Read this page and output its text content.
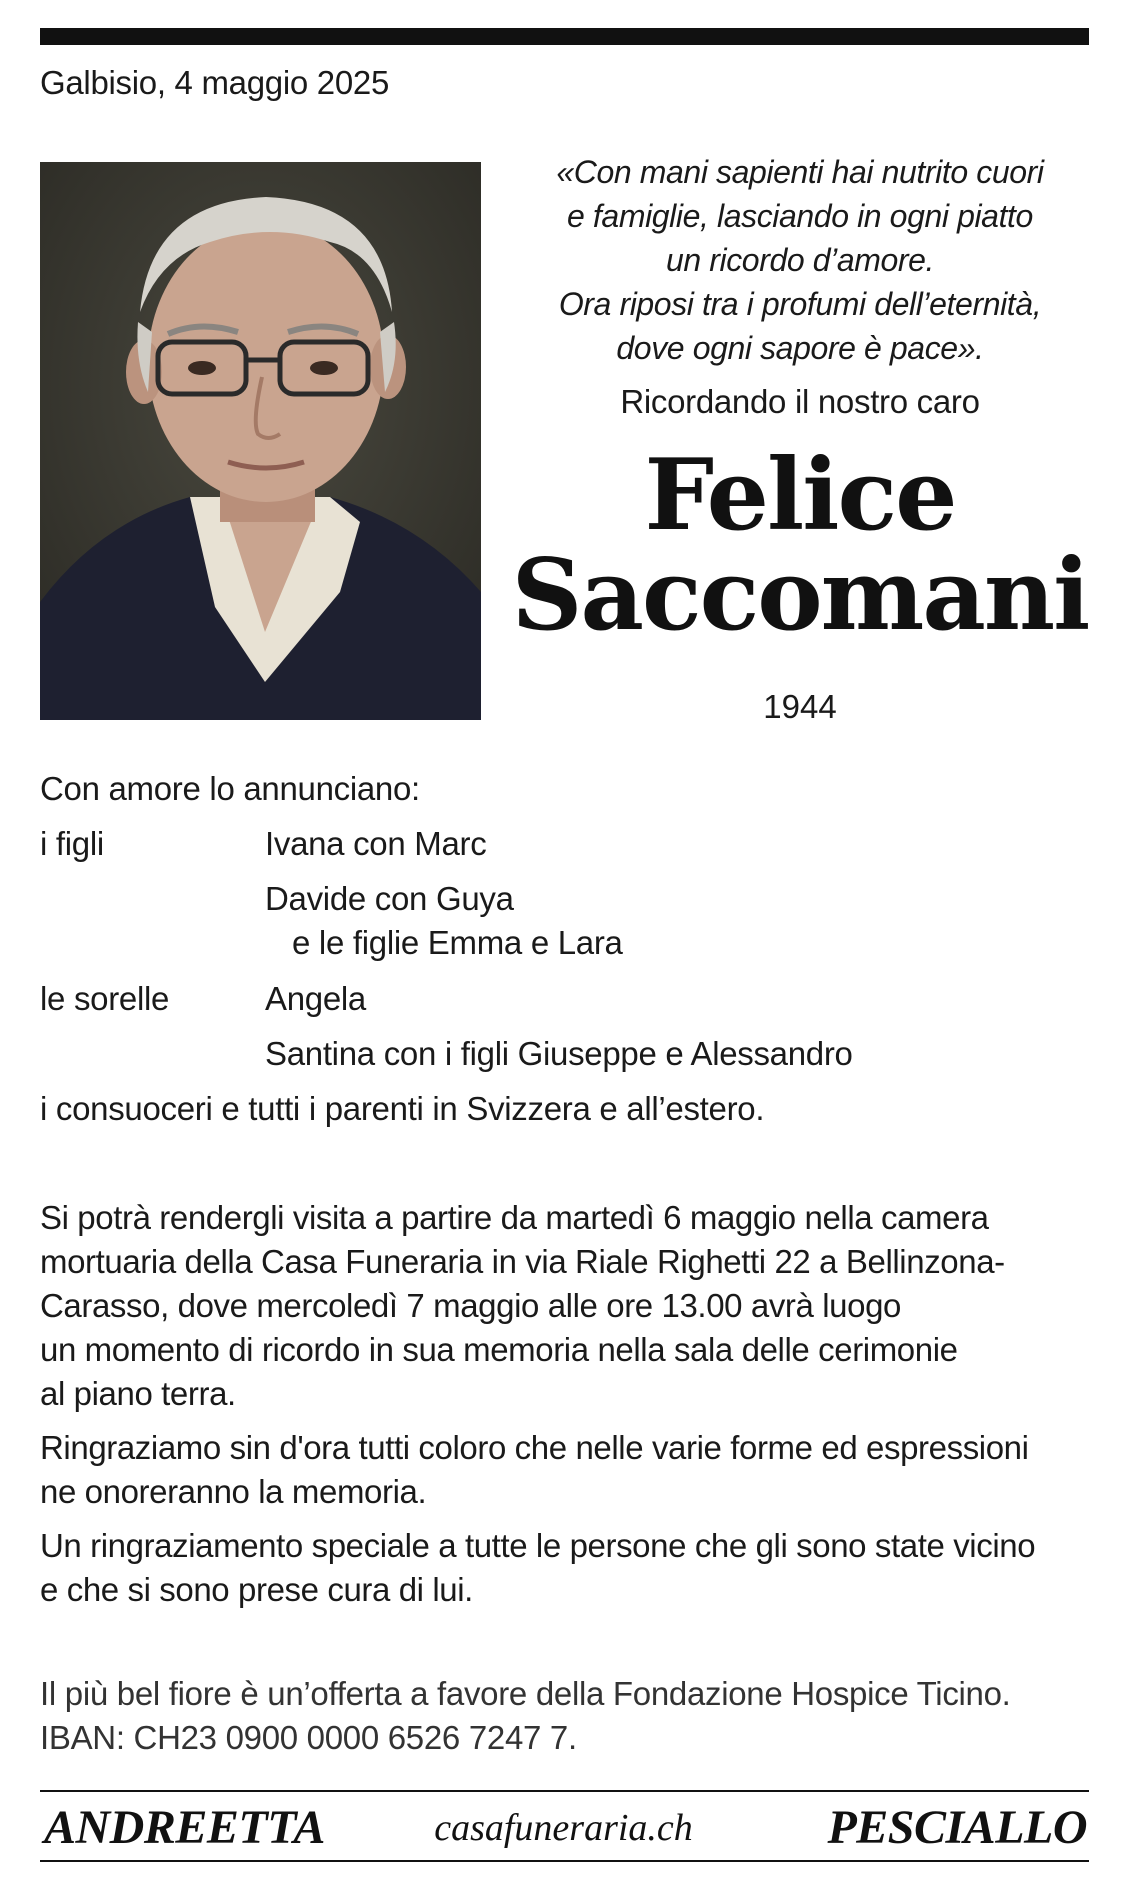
Galbisio, 4 maggio 2025
«Con mani sapienti hai nutrito cuori
e famiglie, lasciando in ogni piatto
un ricordo d’amore.
Ora riposi tra i profumi dell’eternità,
dove ogni sapore è pace».
Ricordando il nostro caro
Felice
Saccomani
1944
Con amore lo annunciano:
i figli	Ivana con Marc
Davide con Guya
e le figlie Emma e Lara
le sorelle	Angela
Santina con i figli Giuseppe e Alessandro
i consuoceri e tutti i parenti in Svizzera e all’estero.
Si potrà rendergli visita a partire da martedì 6 maggio nella camera
mortuaria della Casa Funeraria in via Riale Righetti 22 a Bellinzona-
Carasso, dove mercoledì 7 maggio alle ore 13.00 avrà luogo
un momento di ricordo in sua memoria nella sala delle cerimonie
al piano terra.
Ringraziamo sin d'ora tutti coloro che nelle varie forme ed espressioni
ne onoreranno la memoria.
Un ringraziamento speciale a tutte le persone che gli sono state vicino
e che si sono prese cura di lui.
Il più bel fiore è un’offerta a favore della Fondazione Hospice Ticino.
IBAN: CH23 0900 0000 6526 7247 7.
ANDREETTA	casafuneraria.ch	PESCIALLO
